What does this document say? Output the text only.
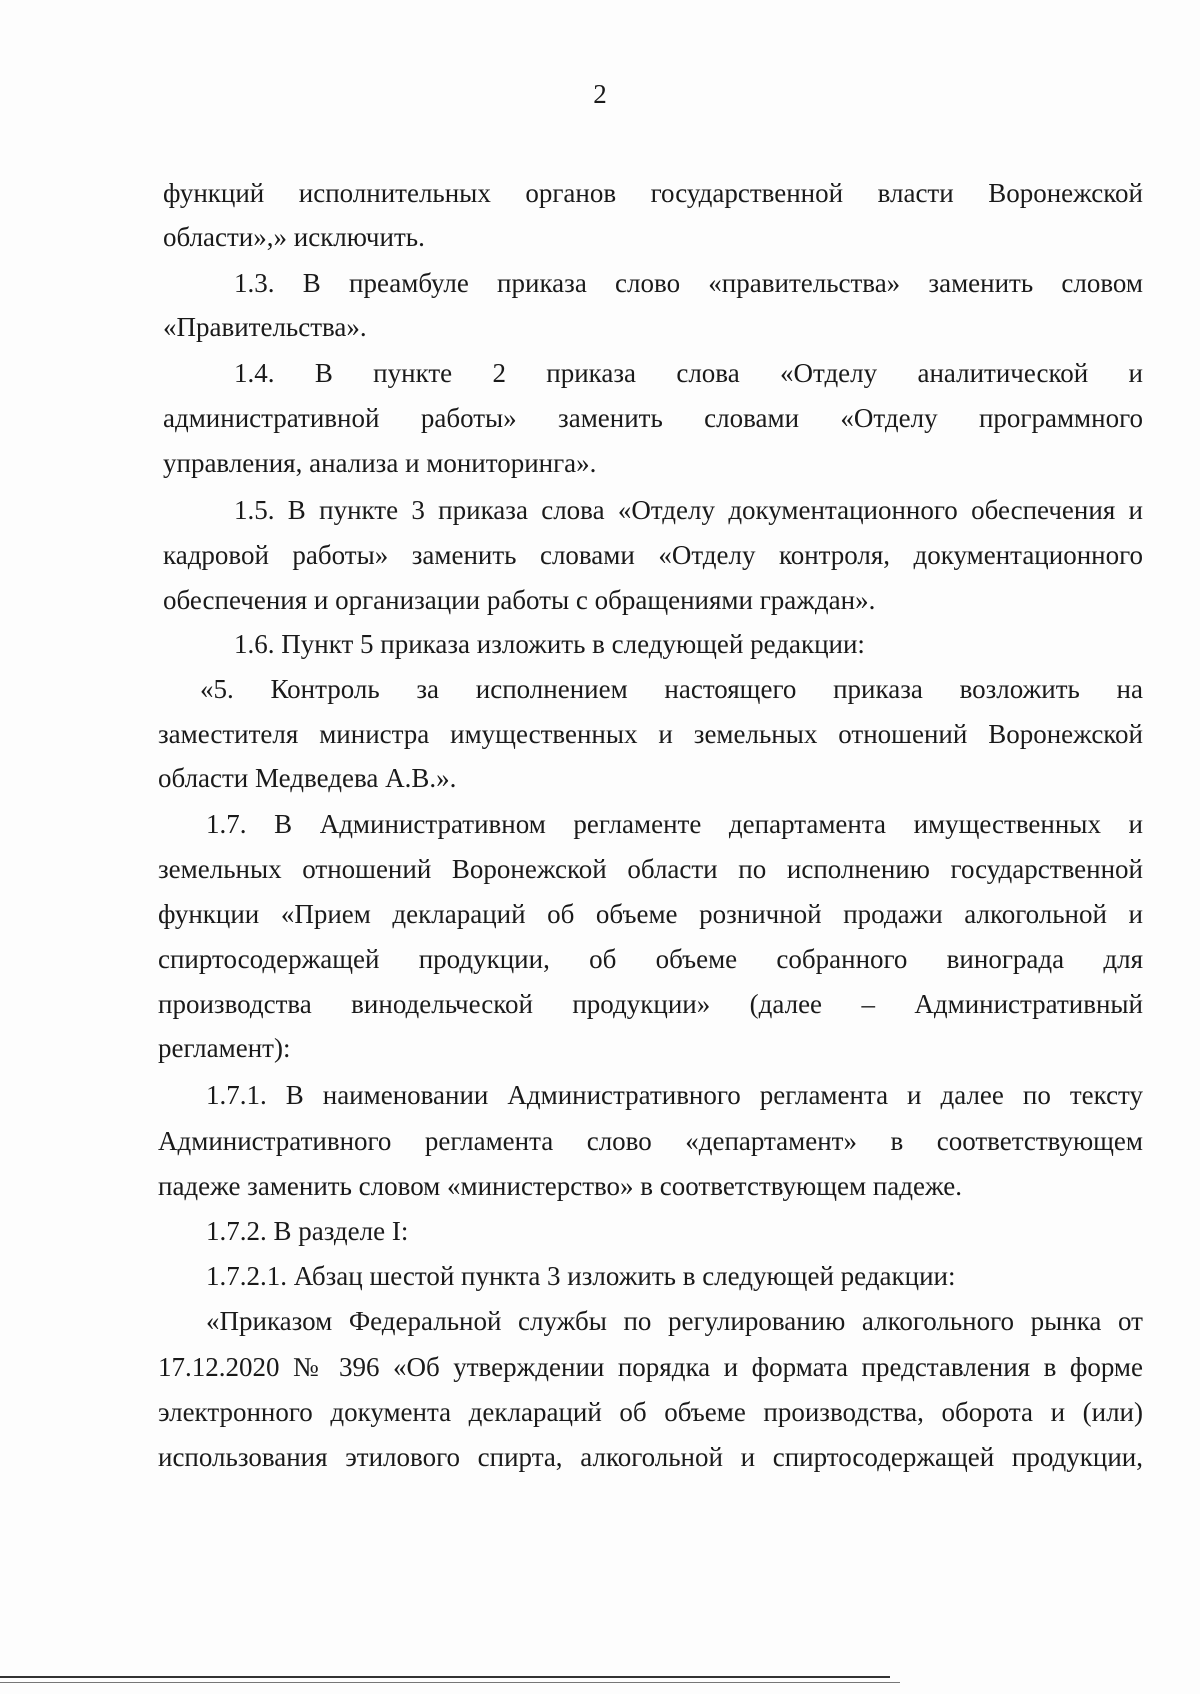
2
функций исполнительных органов государственной власти Воронежской
области»,» исключить.
1.3. В преамбуле приказа слово «правительства» заменить словом
«Правительства».
1.4. В пункте 2 приказа слова «Отделу аналитической и
административной работы» заменить словами «Отделу программного
управления, анализа и мониторинга».
1.5. В пункте 3 приказа слова «Отделу документационного обеспечения и
кадровой работы» заменить словами «Отделу контроля, документационного
обеспечения и организации работы с обращениями граждан».
1.6. Пункт 5 приказа изложить в следующей редакции:
«5. Контроль за исполнением настоящего приказа возложить на
заместителя министра имущественных и земельных отношений Воронежской
области Медведева А.В.».
1.7. В Административном регламенте департамента имущественных и
земельных отношений Воронежской области по исполнению государственной
функции «Прием деклараций об объеме розничной продажи алкогольной и
спиртосодержащей продукции, об объеме собранного винограда для
производства винодельческой продукции» (далее – Административный
регламент):
1.7.1. В наименовании Административного регламента и далее по тексту
Административного регламента слово «департамент» в соответствующем
падеже заменить словом «министерство» в соответствующем падеже.
1.7.2. В разделе I:
1.7.2.1. Абзац шестой пункта 3 изложить в следующей редакции:
«Приказом Федеральной службы по регулированию алкогольного рынка от
17.12.2020 № 396 «Об утверждении порядка и формата представления в форме
электронного документа деклараций об объеме производства, оборота и (или)
использования этилового спирта, алкогольной и спиртосодержащей продукции,
